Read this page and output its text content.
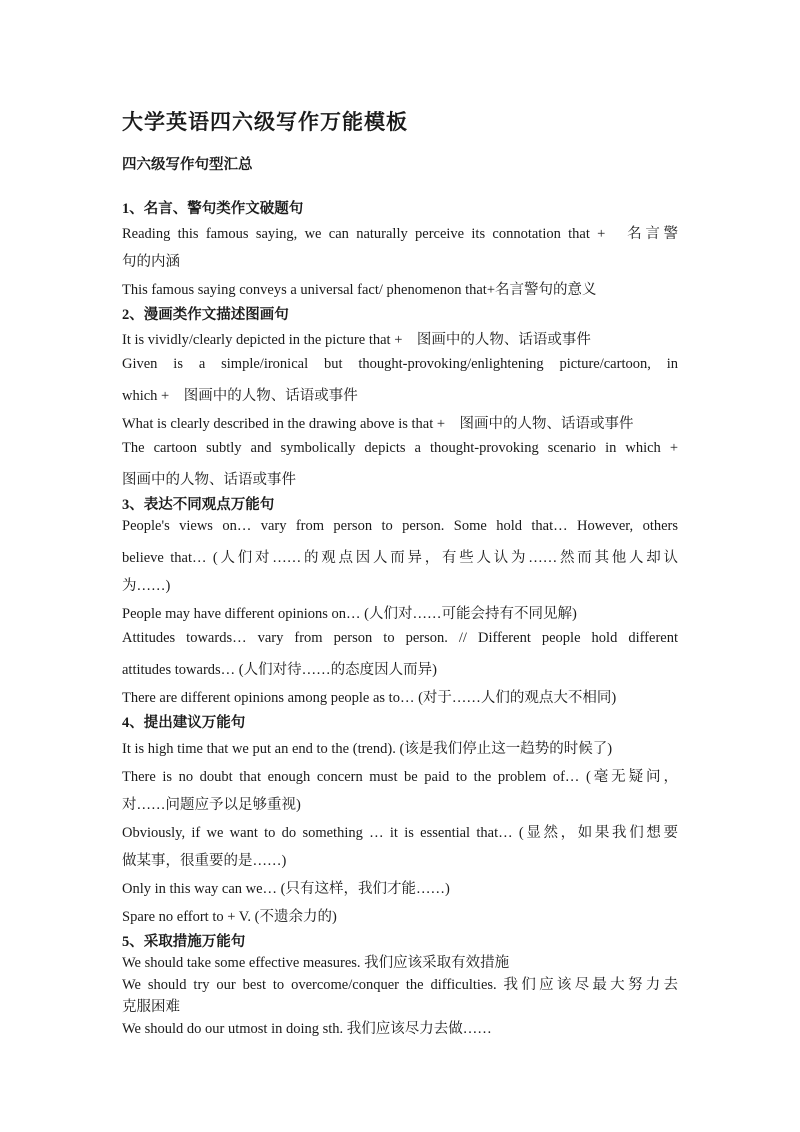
大学英语四六级写作万能模板
四六级写作句型汇总
1、名言、警句类作文破题句
Reading this famous saying, we can naturally perceive its connotation that +　名言警
句的内涵
This famous saying conveys a universal fact/ phenomenon that+名言警句的意义
2、漫画类作文描述图画句
It is vividly/clearly depicted in the picture that +　图画中的人物、话语或事件
Given is a simple/ironical but thought-provoking/enlightening picture/cartoon, in
which +　图画中的人物、话语或事件
What is clearly described in the drawing above is that +　图画中的人物、话语或事件
The cartoon subtly and symbolically depicts a thought-provoking scenario in which +
图画中的人物、话语或事件
3、表达不同观点万能句
People's views on… vary from person to person. Some hold that… However, others
believe that… (人们对……的观点因人而异，有些人认为……然而其他人却认
为……)
People may have different opinions on… (人们对……可能会持有不同见解)
Attitudes towards… vary from person to person. // Different people hold different
attitudes towards… (人们对待……的态度因人而异)
There are different opinions among people as to… (对于……人们的观点大不相同)
4、提出建议万能句
It is high time that we put an end to the (trend). (该是我们停止这一趋势的时候了)
There is no doubt that enough concern must be paid to the problem of… (毫无疑问，
对……问题应予以足够重视)
Obviously, if we want to do something … it is essential that… (显然，如果我们想要
做某事，很重要的是……)
Only in this way can we… (只有这样，我们才能……)
Spare no effort to + V. (不遗余力的)
5、采取措施万能句
We should take some effective measures. 我们应该采取有效措施
We should try our best to overcome/conquer the difficulties. 我们应该尽最大努力去
克服困难
We should do our utmost in doing sth. 我们应该尽力去做……
